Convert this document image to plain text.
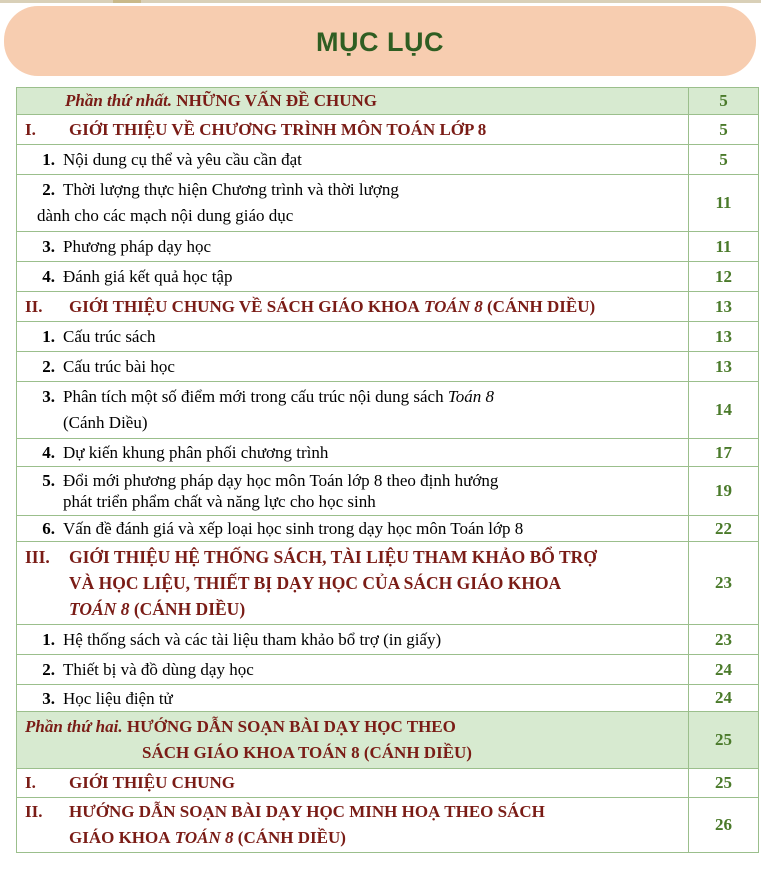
MỤC LỤC
Phần thứ nhất. NHỮNG VẤN ĐỀ CHUNG	5
I. GIỚI THIỆU VỀ CHƯƠNG TRÌNH MÔN TOÁN LỚP 8	5
1. Nội dung cụ thể và yêu cầu cần đạt	5

2. Thời lượng thực hiện Chương trình và thời lượng
dành cho các mạch nội dung giáo dục	11
3. Phương pháp dạy học	11
4. Đánh giá kết quả học tập	12
II. GIỚI THIỆU CHUNG VỀ SÁCH GIÁO KHOA TOÁN 8 (CÁNH DIỀU)	13
1. Cấu trúc sách	13
2. Cấu trúc bài học	13

3. Phân tích một số điểm mới trong cấu trúc nội dung sách Toán 8
(Cánh Diều)	14
4. Dự kiến khung phân phối chương trình	17

5. Đổi mới phương pháp dạy học môn Toán lớp 8 theo định hướng
phát triển phẩm chất và năng lực cho học sinh	19
6. Vấn đề đánh giá và xếp loại học sinh trong dạy học môn Toán lớp 8	22

III. GIỚI THIỆU HỆ THỐNG SÁCH, TÀI LIỆU THAM KHẢO BỔ TRỢ
VÀ HỌC LIỆU, THIẾT BỊ DẠY HỌC CỦA SÁCH GIÁO KHOA
TOÁN 8 (CÁNH DIỀU)	23
1. Hệ thống sách và các tài liệu tham khảo bổ trợ (in giấy)	23
2. Thiết bị và đồ dùng dạy học	24
3. Học liệu điện tử	24

Phần thứ hai. HƯỚNG DẪN SOẠN BÀI DẠY HỌC THEO
SÁCH GIÁO KHOA TOÁN 8 (CÁNH DIỀU)	25
I. GIỚI THIỆU CHUNG	25

II. HƯỚNG DẪN SOẠN BÀI DẠY HỌC MINH HOẠ THEO SÁCH
GIÁO KHOA TOÁN 8 (CÁNH DIỀU)	26
